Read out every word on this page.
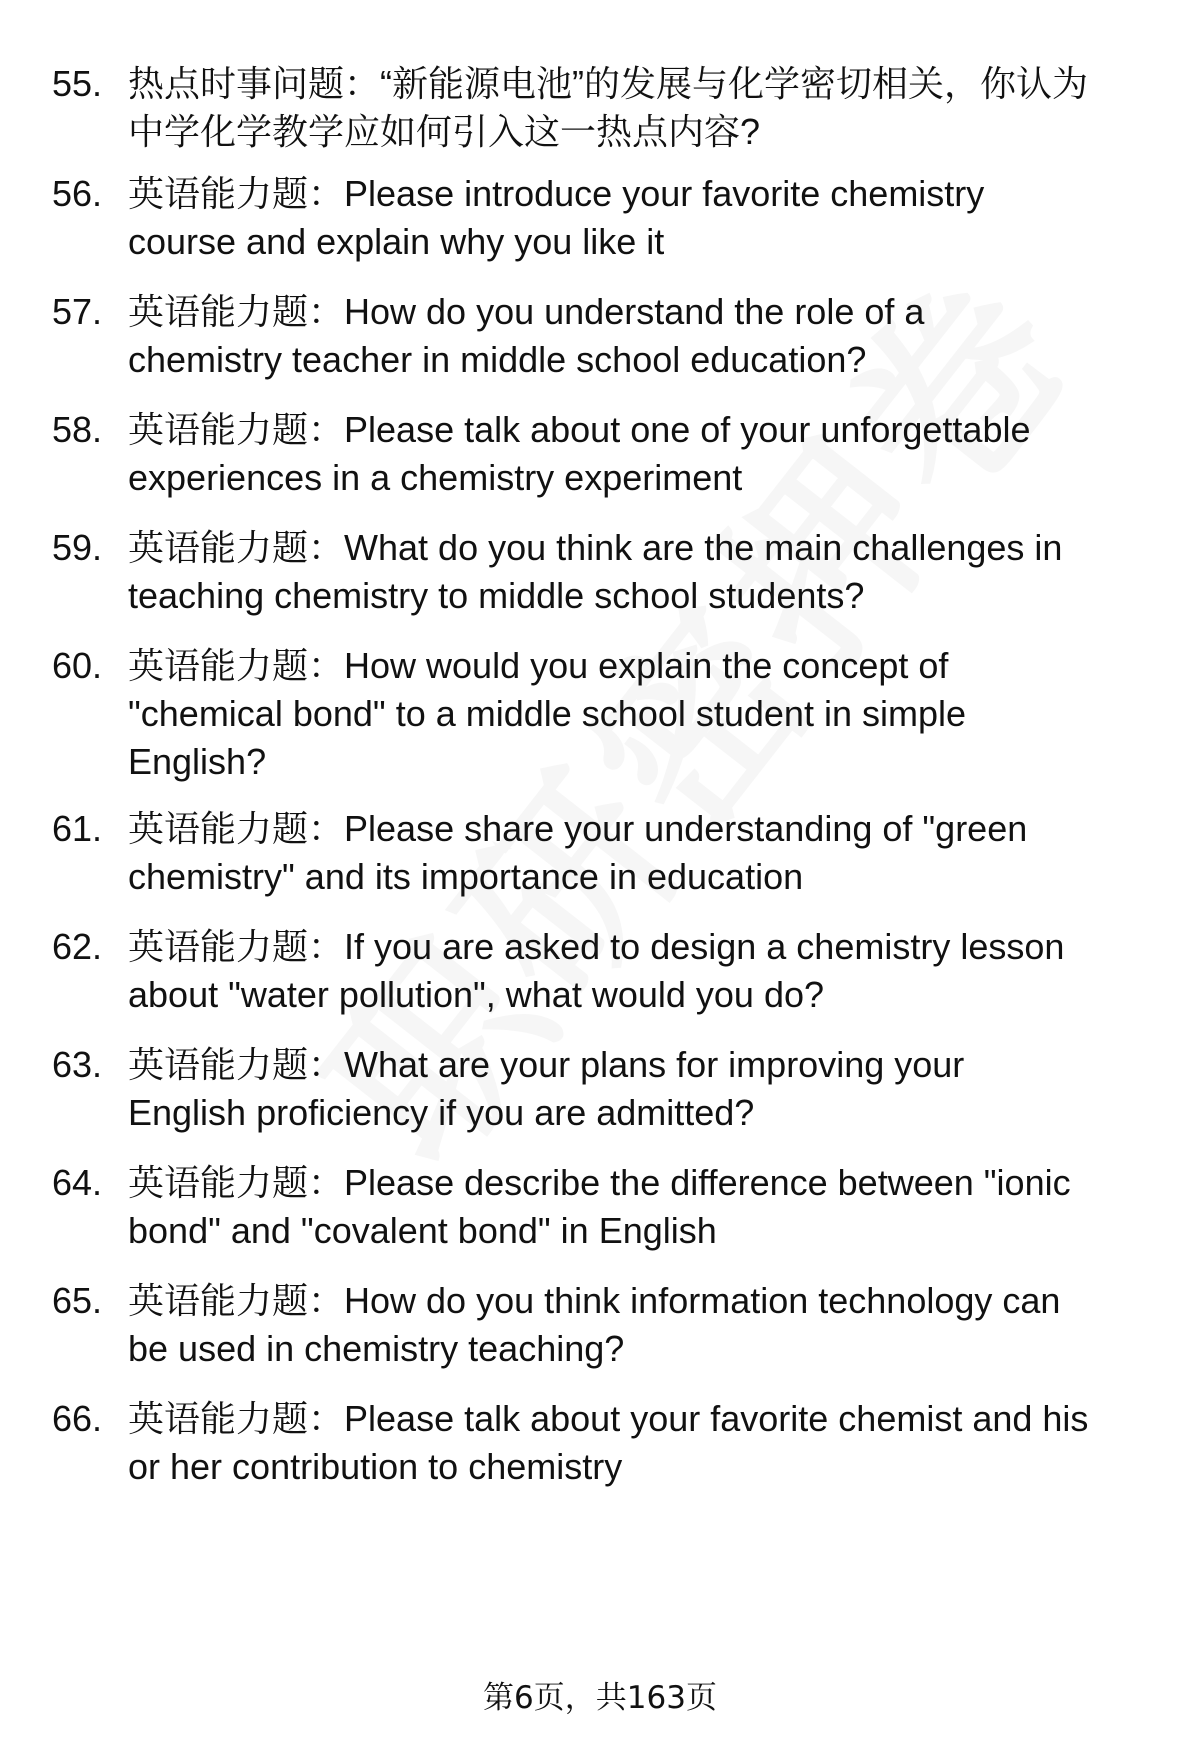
55. 热点时事问题：“新能源电池”的发展与化学密切相关，你认为
中学化学教学应如何引入这一热点内容?
56. 英语能力题：Please introduce your favorite chemistry
course and explain why you like it
57. 英语能力题：How do you understand the role of a
chemistry teacher in middle school education?
58. 英语能力题：Please talk about one of your unforgettable
experiences in a chemistry experiment
59. 英语能力题：What do you think are the main challenges in
teaching chemistry to middle school students?
60. 英语能力题：How would you explain the concept of
"chemical bond" to a middle school student in simple
English?
61. 英语能力题：Please share your understanding of "green
chemistry" and its importance in education
62. 英语能力题：If you are asked to design a chemistry lesson
about "water pollution", what would you do?
63. 英语能力题：What are your plans for improving your
English proficiency if you are admitted?
64. 英语能力题：Please describe the difference between "ionic
bond" and "covalent bond" in English
65. 英语能力题：How do you think information technology can
be used in chemistry teaching?
66. 英语能力题：Please talk about your favorite chemist and his
or her contribution to chemistry
第6页，共163页
